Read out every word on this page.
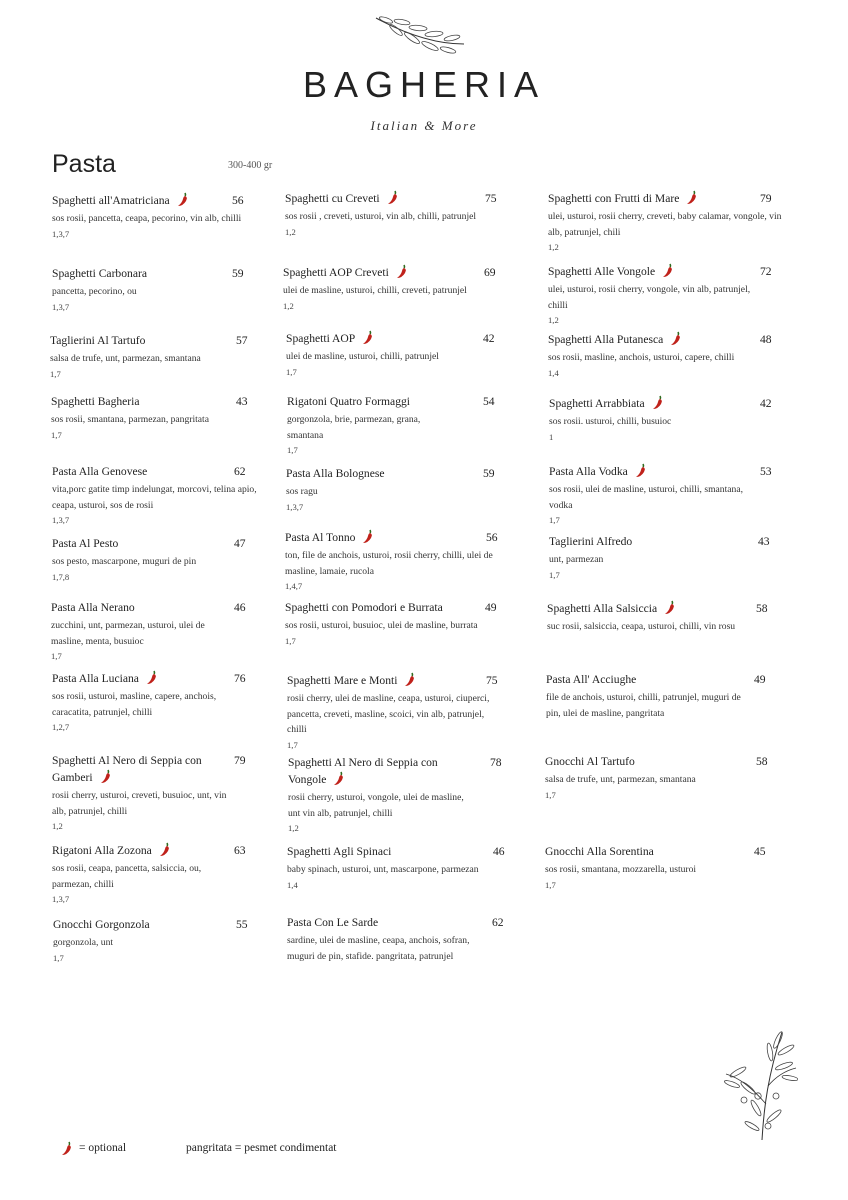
BAGHERIA
Italian & More
Pasta	300-400 gr
Spaghetti all'Amatriciana	56
sos rosii, pancetta, ceapa, pecorino, vin alb, chilli
1,3,7
Spaghetti Carbonara	59
pancetta, pecorino, ou
1,3,7
Taglierini Al Tartufo	57
salsa de trufe, unt, parmezan, smantana
1,7
Spaghetti Bagheria	43
sos rosii, smantana, parmezan, pangritata
1,7
Pasta Alla Genovese	62
vita,porc gatite timp indelungat, morcovi, telina apio, ceapa, usturoi, sos de rosii
1,3,7
Pasta Al Pesto	47
sos pesto, mascarpone, muguri de pin
1,7,8
Pasta Alla Nerano	46
zucchini, unt, parmezan, usturoi, ulei de masline, menta, busuioc
1,7
Pasta Alla Luciana	76
sos rosii, usturoi, masline, capere, anchois, caracatita, patrunjel, chilli
1,2,7
Spaghetti Al Nero di Seppia con Gamberi
79
rosii cherry, usturoi, creveti, busuioc, unt, vin alb, patrunjel, chilli
1,2
Rigatoni Alla Zozona	63
sos rosii, ceapa, pancetta, salsiccia, ou, parmezan, chilli
1,3,7
Gnocchi Gorgonzola	55
gorgonzola, unt
1,7
Spaghetti cu Creveti	75
sos rosii , creveti, usturoi, vin alb, chilli, patrunjel
1,2
Spaghetti AOP Creveti	69
ulei de masline, usturoi, chilli, creveti, patrunjel
1,2
Spaghetti AOP	42
ulei de masline, usturoi, chilli, patrunjel
1,7
Rigatoni Quatro Formaggi	54
gorgonzola, brie, parmezan, grana, smantana
1,7
Pasta Alla Bolognese	59
sos ragu
1,3,7
Pasta Al Tonno	56
ton, file de anchois, usturoi, rosii cherry, chilli, ulei de masline, lamaie, rucola
1,4,7
Spaghetti con Pomodori e Burrata	49
sos rosii, usturoi, busuioc, ulei de masline, burrata
1,7
Spaghetti Mare e Monti	75
rosii cherry, ulei de masline, ceapa, usturoi, ciuperci, pancetta, creveti, masline, scoici, vin alb, patrunjel, chilli
1,7
Spaghetti Al Nero di Seppia con Vongole
78
rosii cherry, usturoi, vongole, ulei de masline, unt vin alb, patrunjel, chilli
1,2
Spaghetti Agli Spinaci	46
baby spinach, usturoi, unt, mascarpone, parmezan
1,4
Pasta Con Le Sarde	62
sardine, ulei de masline, ceapa, anchois, sofran, muguri de pin, stafide. pangritata, patrunjel
Spaghetti con Frutti di Mare	79
ulei, usturoi, rosii cherry, creveti, baby calamar, vongole, vin alb, patrunjel, chili
1,2
Spaghetti Alle Vongole	72
ulei, usturoi, rosii cherry, vongole, vin alb, patrunjel, chilli
1,2
Spaghetti Alla Putanesca	48
sos rosii, masline, anchois, usturoi, capere, chilli
1,4
Spaghetti Arrabbiata	42
sos rosii. usturoi, chilli, busuioc
1
Pasta Alla Vodka	53
sos rosii, ulei de masline, usturoi, chilli, smantana, vodka
1,7
Taglierini Alfredo	43
unt, parmezan
1,7
Spaghetti Alla Salsiccia	58
suc rosii, salsiccia, ceapa, usturoi, chilli, vin rosu
Pasta All' Acciughe	49
file de anchois, usturoi, chilli, patrunjel, muguri de pin, ulei de masline, pangritata
Gnocchi Al Tartufo	58
salsa de trufe, unt, parmezan, smantana
1,7
Gnocchi Alla Sorentina	45
sos rosii, smantana, mozzarella, usturoi
1,7
= optional	pangritata = pesmet condimentat
